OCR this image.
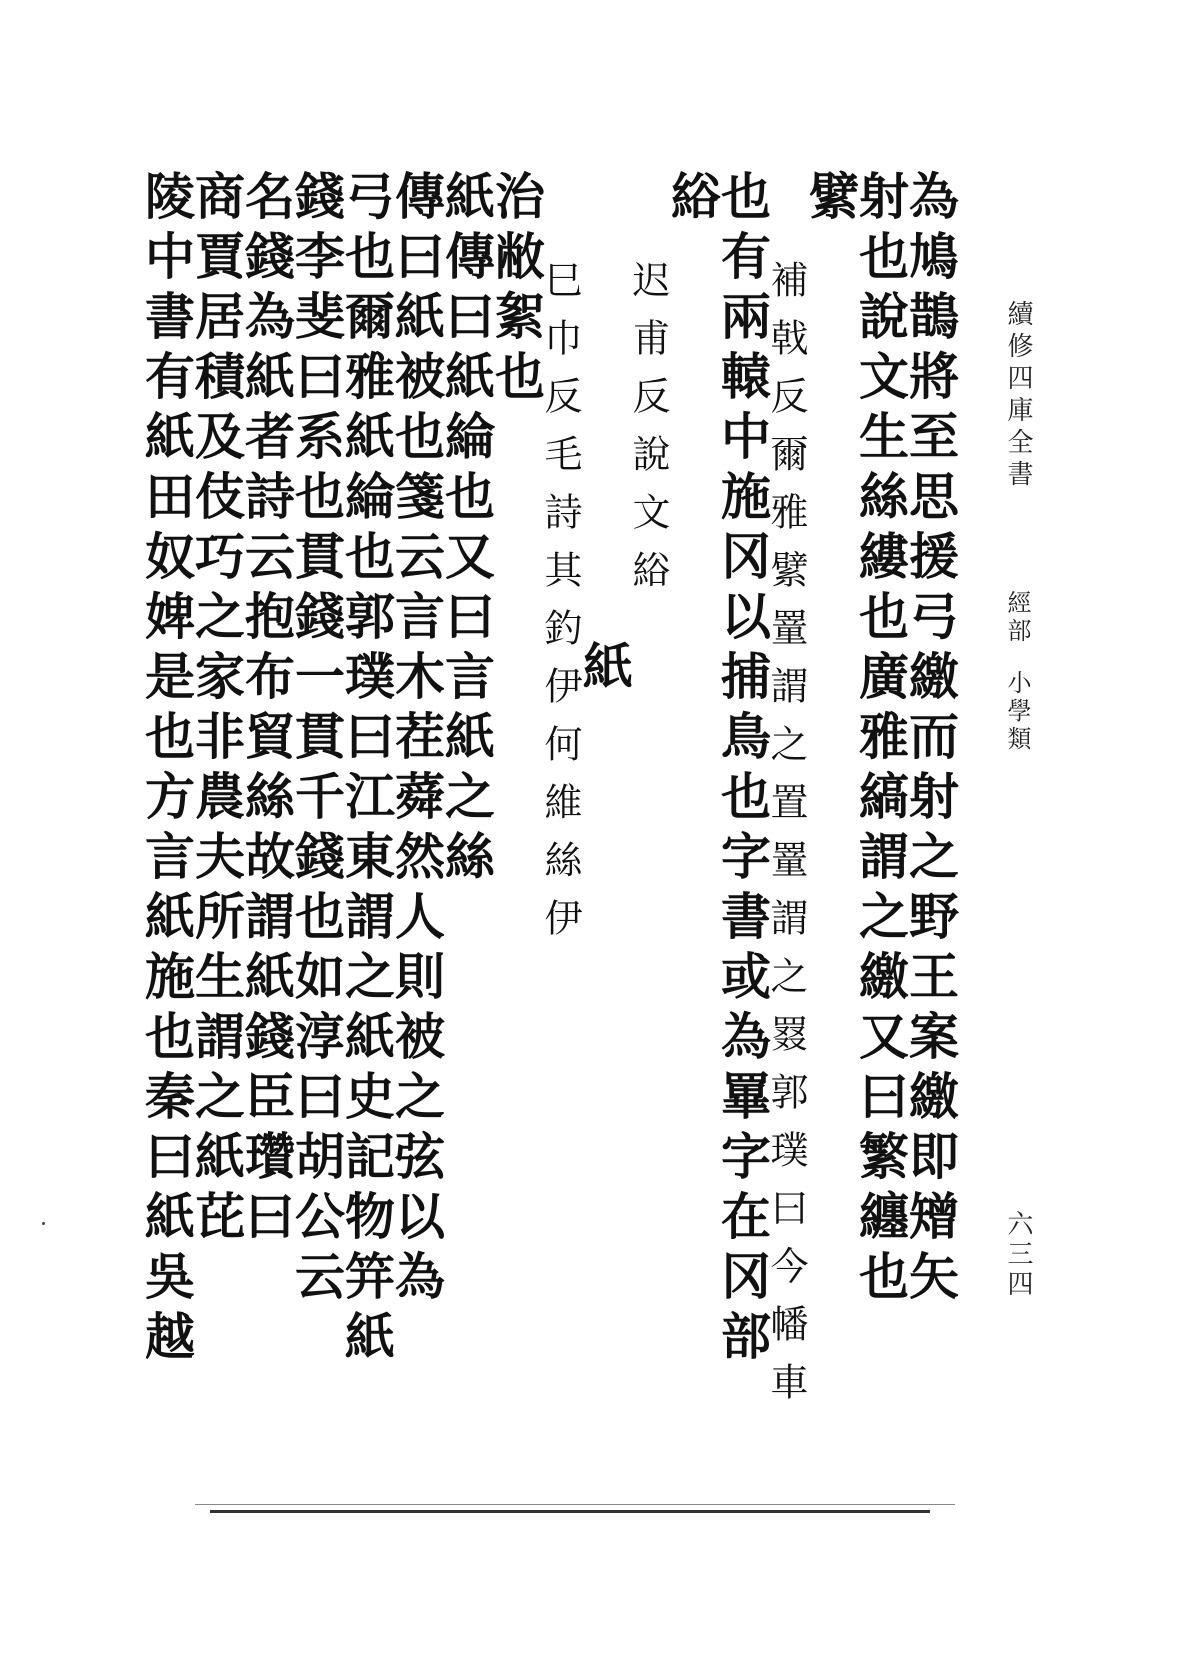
為鳩鵲將至思援弓繳而射之野王案繳即矰矢
射也說文生絲縷也廣雅縞謂之繳又曰繁纏也
繴
補戟反爾雅繴罿謂之置罿謂之罬郭璞曰今幡車
也有兩轅中施冈以捕鳥也字書或為罼字在冈部
綌
迟甫反說文綌
紙
巳巾反毛詩其釣伊何維絲伊
治敝絮也
紙傳曰紙綸也又曰言紙之絲
傳曰紙被也箋云言木茬蕣然人則被之弦以為
弓也爾雅紙綸也郭璞曰江東謂之紙史記物笄紙
錢李斐曰系也貫錢一貫千錢也如淳曰胡公云
名錢為紙者詩云抱布貿絲故謂紙錢臣瓚曰
商賈居積及伎巧之家非農夫所生謂之紙芘
陵中書有紙田奴婢是也方言紙施也秦曰紙吳越	續修四庫全書
經部
小學類
六三四
